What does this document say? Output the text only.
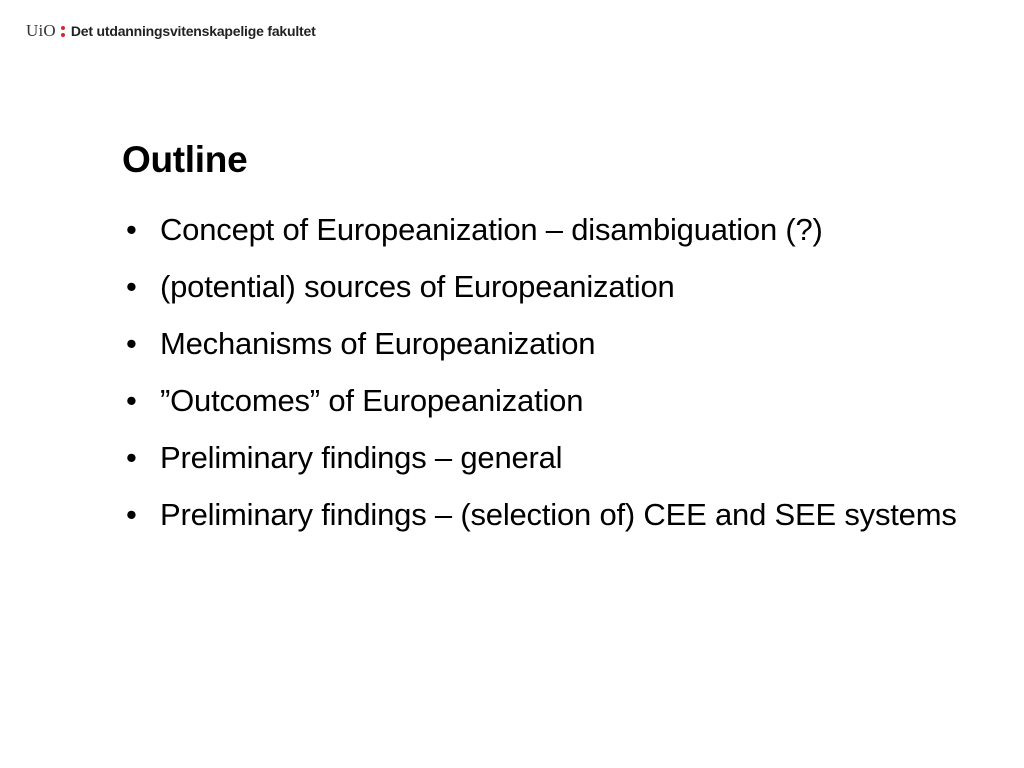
UiO Det utdanningsvitenskapelige fakultet
Outline
• Concept of Europeanization – disambiguation (?)
• (potential) sources of Europeanization
• Mechanisms of Europeanization
• ”Outcomes” of Europeanization
• Preliminary findings – general
• Preliminary findings – (selection of) CEE and SEE systems
